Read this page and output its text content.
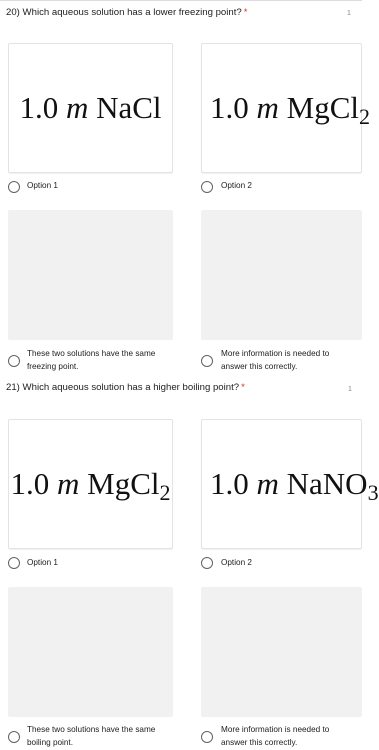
20) Which aqueous solution has a lower freezing point? *	1
1.0 m NaCl 1.0 m MgCl$_2$
Option 1	Option 2
These two solutions have the same
freezing point.
More information is needed to
answer this correctly.
21) Which aqueous solution has a higher boiling point? *	1
1.0 m MgCl$_2$ 1.0 m NaNO$_3$
Option 1	Option 2
These two solutions have the same
boiling point.
More information is needed to
answer this correctly.
